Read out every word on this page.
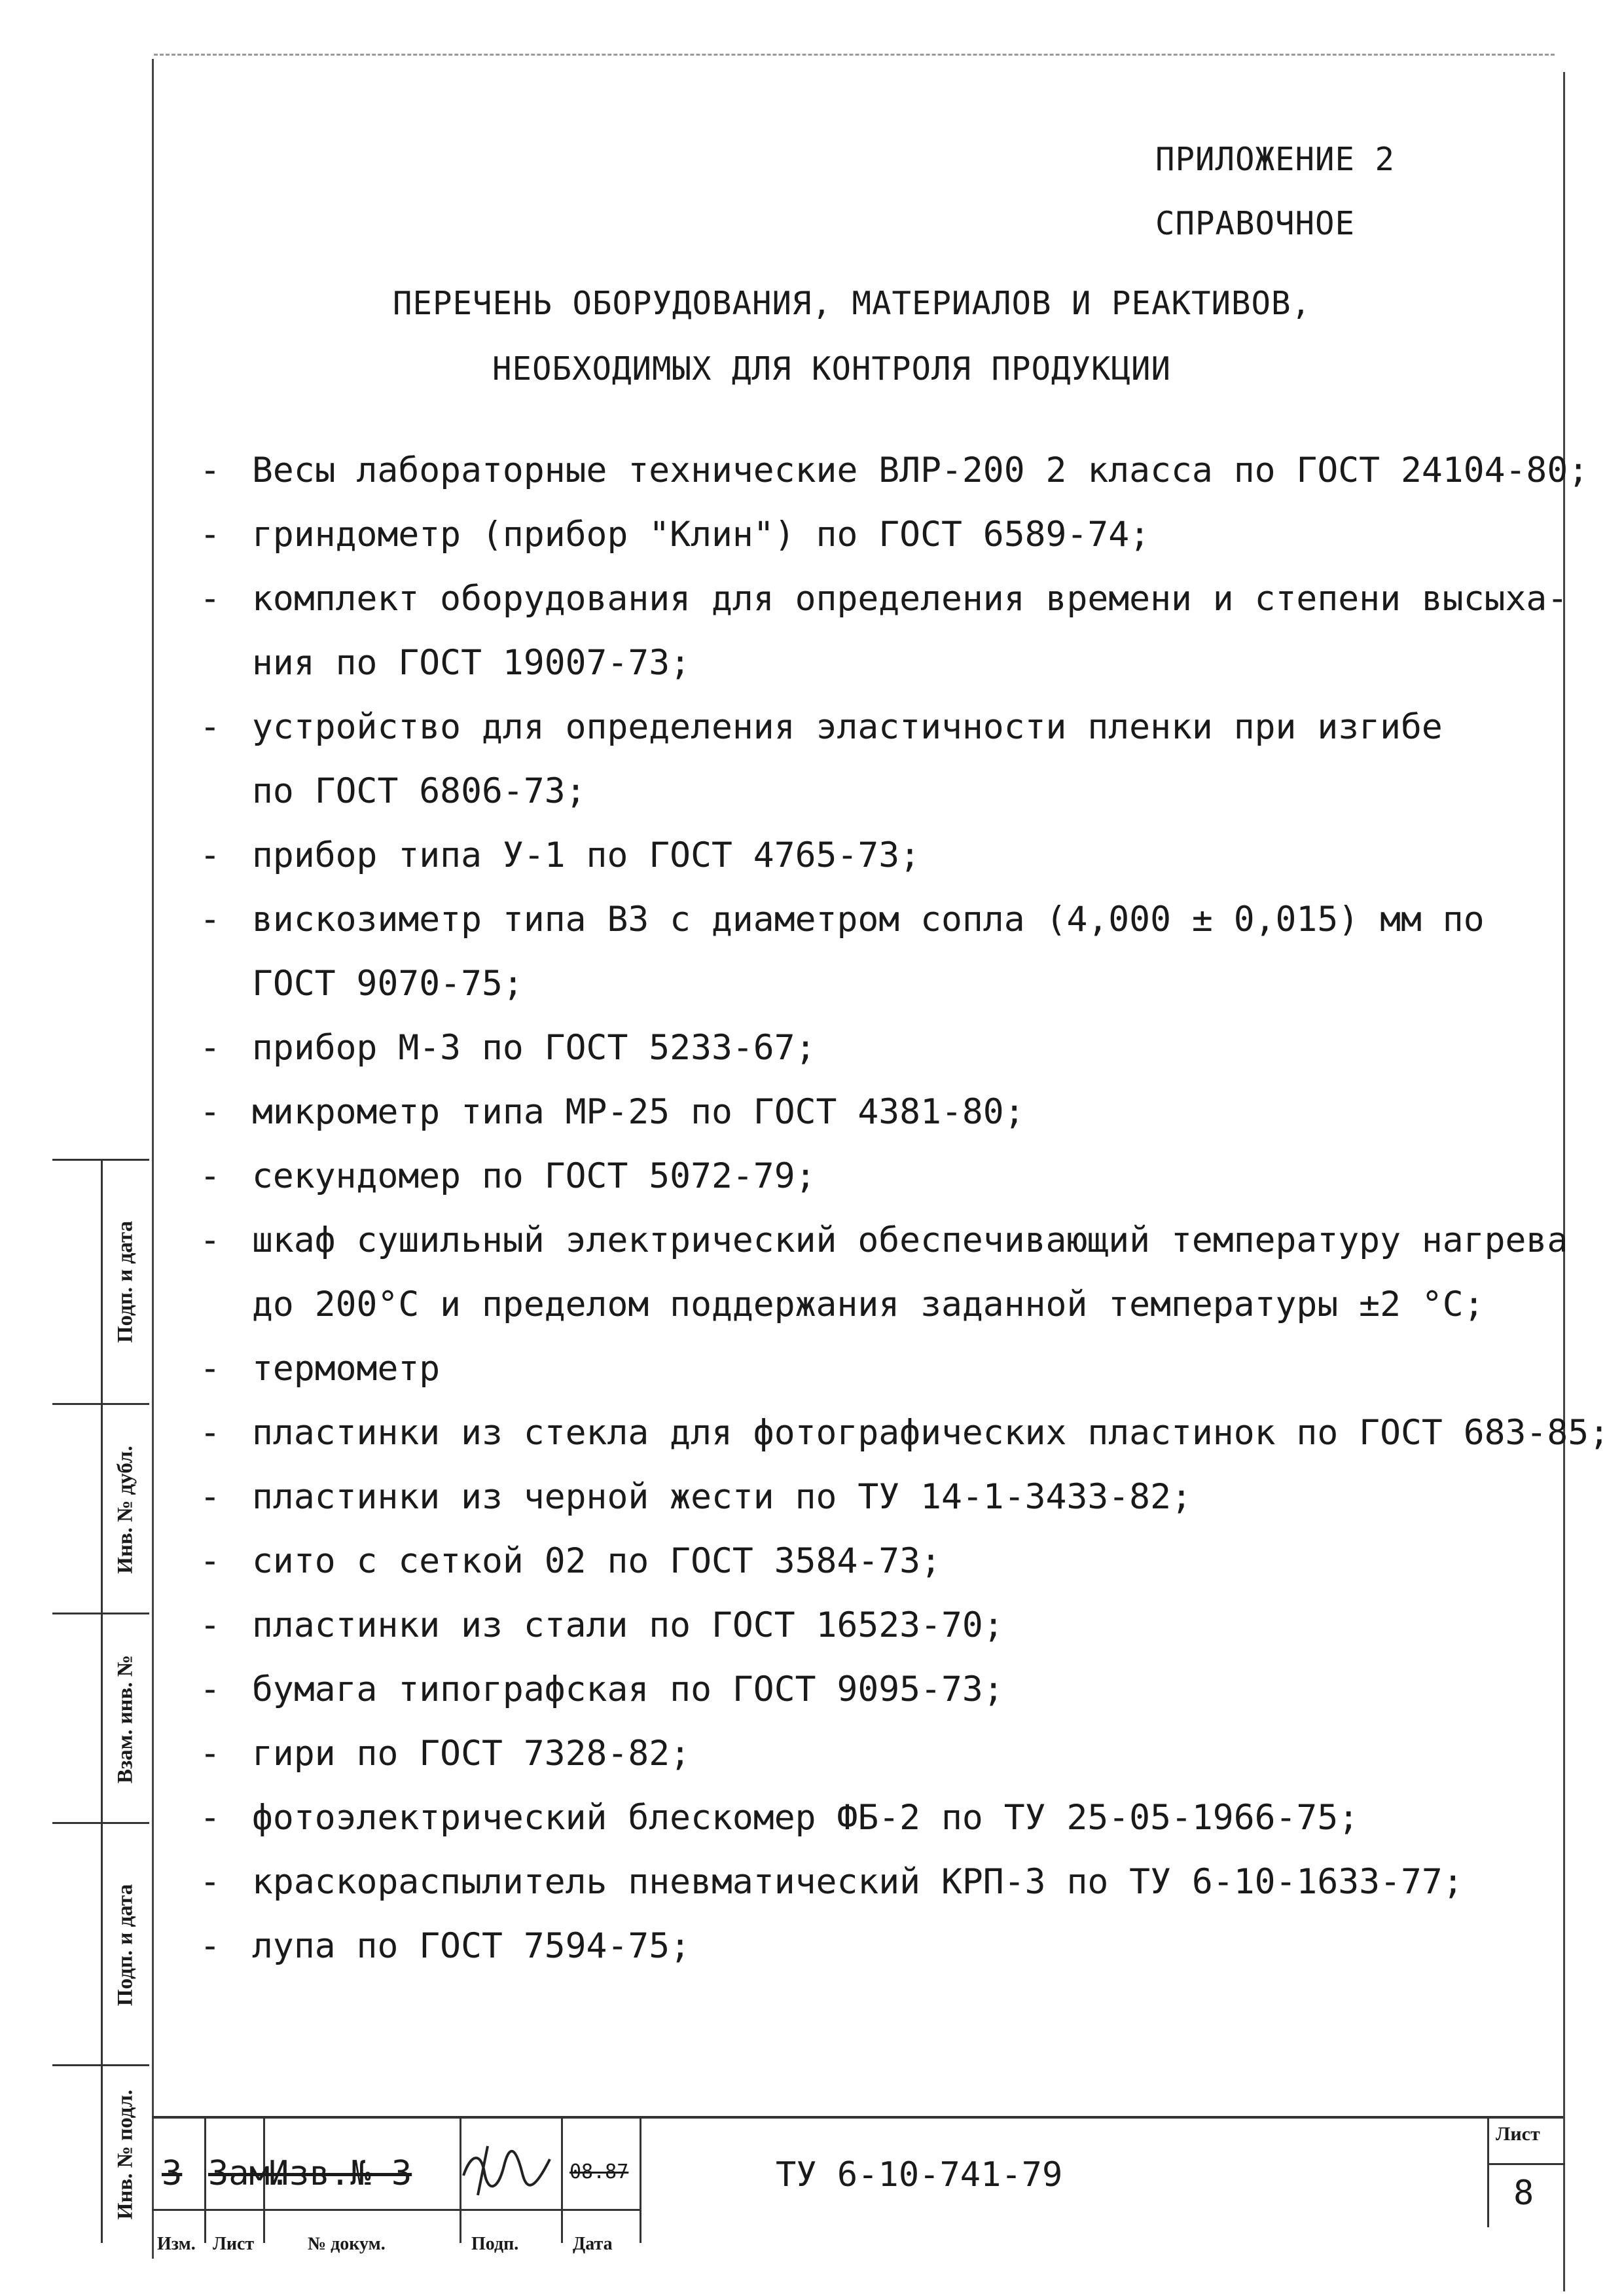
ПРИЛОЖЕНИЕ 2
СПРАВОЧНОЕ
ПЕРЕЧЕНЬ ОБОРУДОВАНИЯ, МАТЕРИАЛОВ И РЕАКТИВОВ,
НЕОБХОДИМЫХ ДЛЯ КОНТРОЛЯ ПРОДУКЦИИ
- Весы лабораторные технические ВЛР-200 2 класса по ГОСТ 24104-80;
- гриндометр (прибор "Клин") по ГОСТ 6589-74;
- комплект оборудования для определения времени и степени высыха-
ния по ГОСТ 19007-73;
- устройство для определения эластичности пленки при изгибе
по ГОСТ 6806-73;
- прибор типа У-1 по ГОСТ 4765-73;
- вискозиметр типа ВЗ с диаметром сопла (4,000 ± 0,015) мм по
ГОСТ 9070-75;
- прибор М-3 по ГОСТ 5233-67;
- микрометр типа МР-25 по ГОСТ 4381-80;
- секундомер по ГОСТ 5072-79;
- шкаф сушильный электрический обеспечивающий температуру нагрева
до 200°С и пределом поддержания заданной температуры ±2 °С;
- термометр
- пластинки из стекла для фотографических пластинок по ГОСТ 683-85;
- пластинки из черной жести по ТУ 14-1-3433-82;
- сито с сеткой 02 по ГОСТ 3584-73;
- пластинки из стали по ГОСТ 16523-70;
- бумага типографская по ГОСТ 9095-73;
- гири по ГОСТ 7328-82;
- фотоэлектрический блескомер ФБ-2 по ТУ 25-05-1966-75;
- краскораспылитель пневматический КРП-3 по ТУ 6-10-1633-77;
- лупа по ГОСТ 7594-75;
Подп. и дата
Инв. № дубл.
Взам. инв. №
Подп. и дата
Инв. № подл. 3 Зам.
Изв.№ 3	08.87
Изм. Лист	№ докум.	Подп.	Дата
ТУ 6-10-741-79
Лист
8
